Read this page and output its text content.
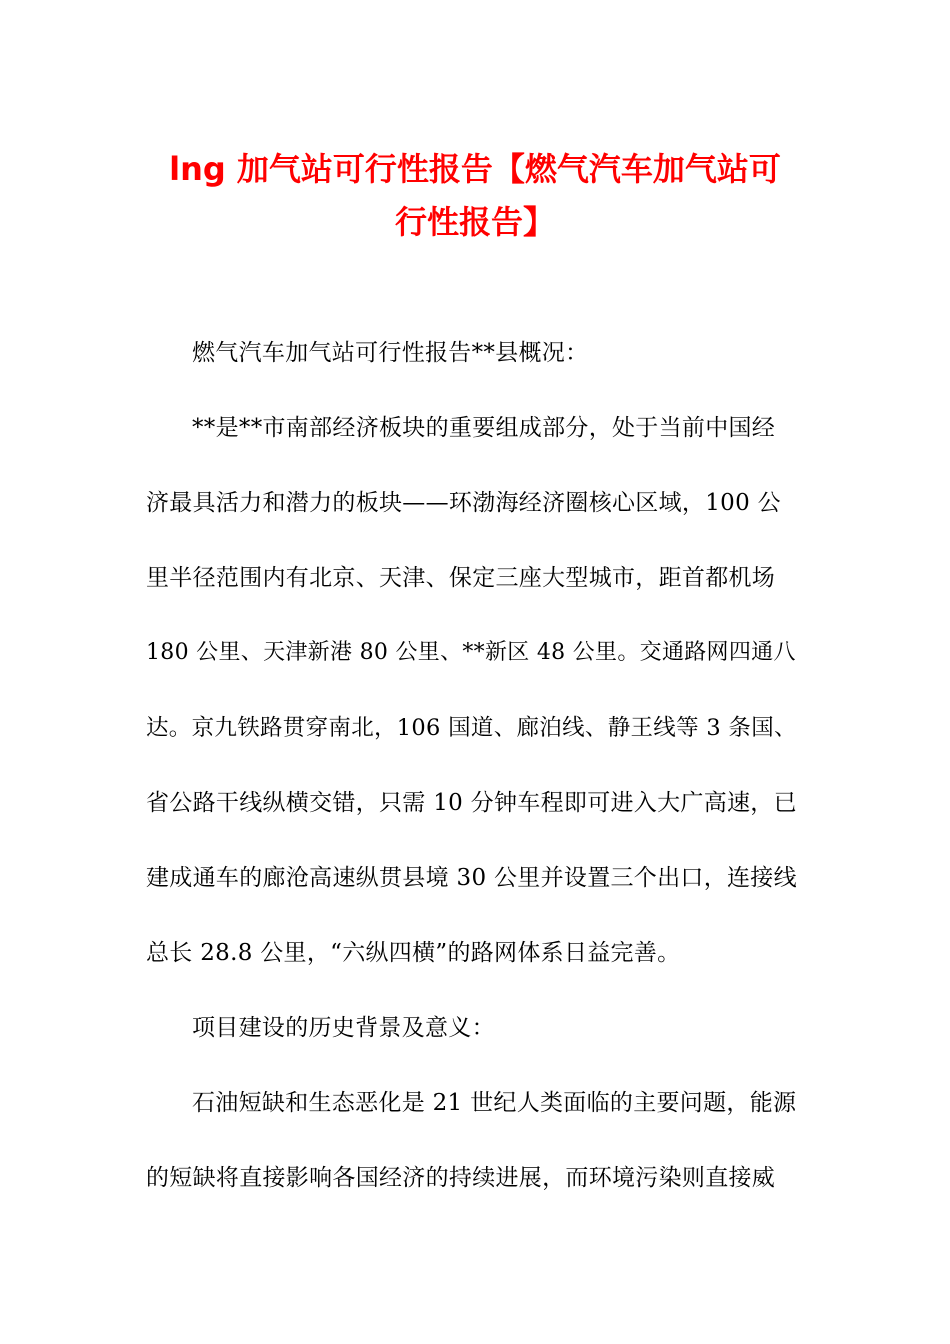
lng 加气站可行性报告【燃气汽车加气站可
行性报告】
燃气汽车加气站可行性报告**县概况：
**是**市南部经济板块的重要组成部分，处于当前中国经
济最具活力和潜力的板块——环渤海经济圈核心区域，100 公
里半径范围内有北京、天津、保定三座大型城市，距首都机场
180 公里、天津新港 80 公里、**新区 48 公里。交通路网四通八
达。京九铁路贯穿南北，106 国道、廊泊线、静王线等 3 条国、
省公路干线纵横交错，只需 10 分钟车程即可进入大广高速，已
建成通车的廊沧高速纵贯县境 30 公里并设置三个出口，连接线
总长 28.8 公里，“六纵四横”的路网体系日益完善。
项目建设的历史背景及意义：
石油短缺和生态恶化是 21 世纪人类面临的主要问题，能源
的短缺将直接影响各国经济的持续进展，而环境污染则直接威
